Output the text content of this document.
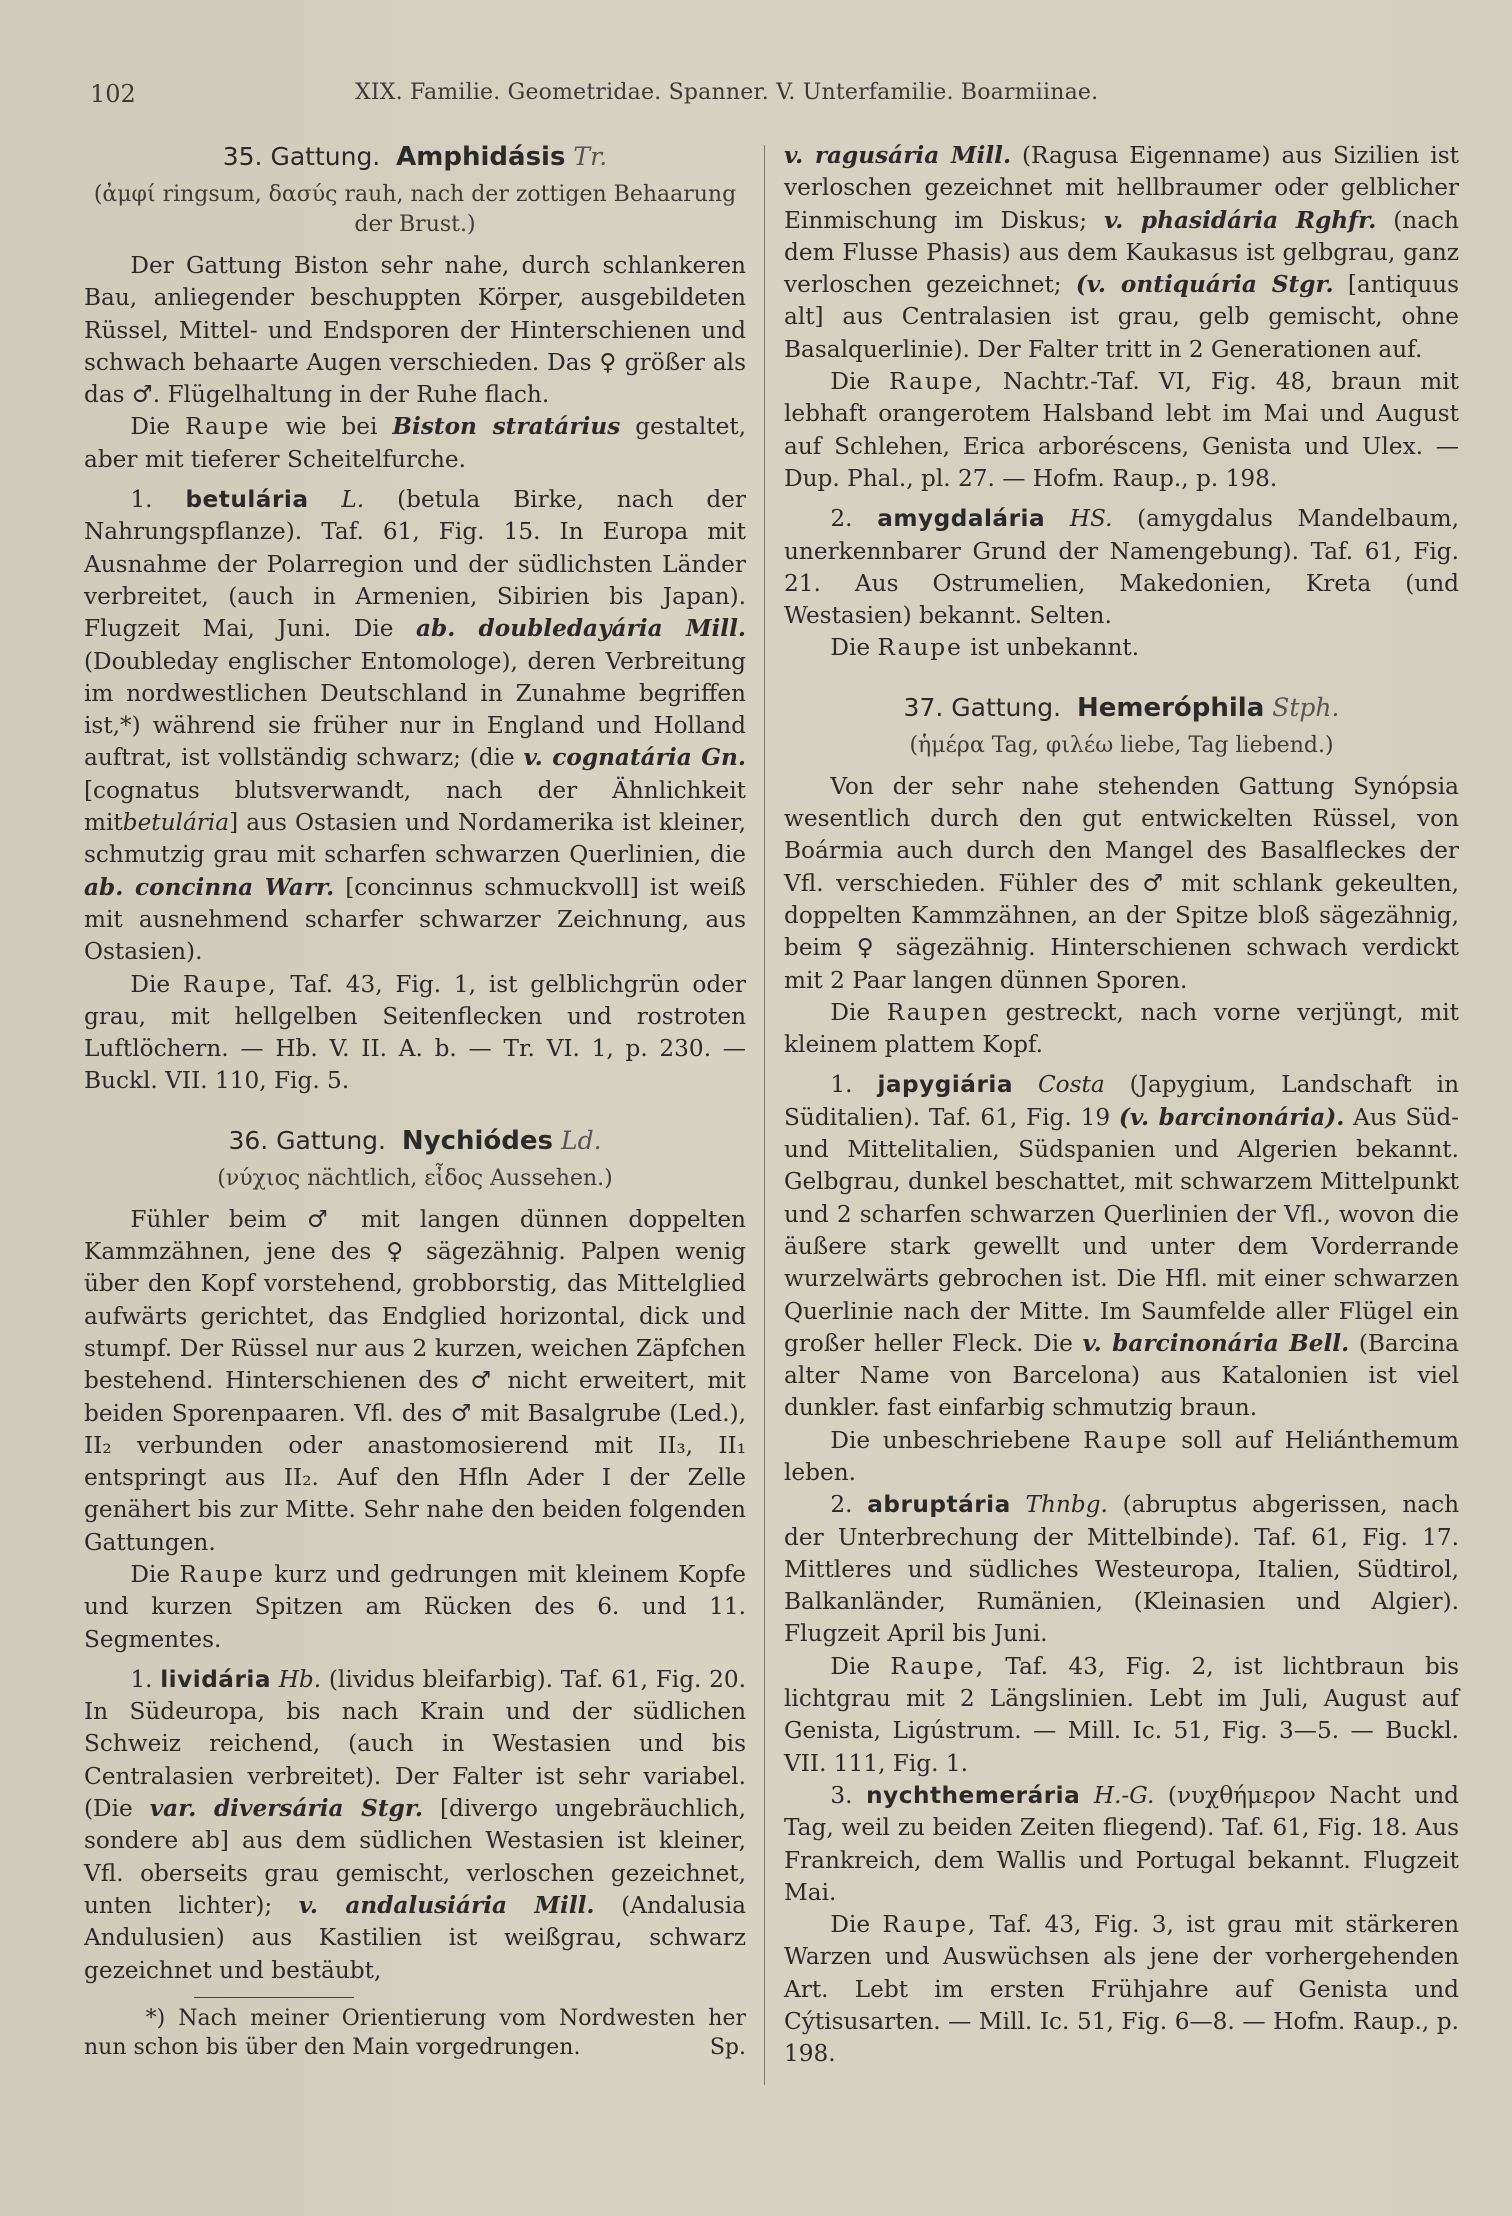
102	XIX. Familie. Geometridae. Spanner. V. Unterfamilie. Boarmiinae.
35. Gattung. Amphidásis Tr.
(ἀμφί ringsum, δασύς rauh, nach der zottigen Behaarung der Brust.)

Der Gattung Biston sehr nahe, durch schlankeren Bau, anliegender beschuppten Körper, ausgebildeten Rüssel, Mittel- und Endsporen der Hinterschienen und schwach behaarte Augen verschieden. Das ♀ größer als das ♂. Flügelhaltung in der Ruhe flach.

Die Raupe wie bei Biston stratárius gestaltet, aber mit tieferer Scheitelfurche.

1. betulária L. (betula Birke, nach der Nahrungspflanze). Taf. 61, Fig. 15. In Europa mit Ausnahme der Polarregion und der südlichsten Länder verbreitet, (auch in Armenien, Sibirien bis Japan). Flugzeit Mai, Juni. Die ab. doubledayária Mill. (Doubleday englischer Entomologe), deren Verbreitung im nordwestlichen Deutschland in Zunahme begriffen ist,*) während sie früher nur in England und Holland auftrat, ist vollständig schwarz; (die v. cognatária Gn. [cognatus blutsverwandt, nach der Ähnlichkeit mitbetulária] aus Ostasien und Nordamerika ist kleiner, schmutzig grau mit scharfen schwarzen Querlinien, die ab. concinna Warr. [concinnus schmuckvoll] ist weiß mit ausnehmend scharfer schwarzer Zeichnung, aus Ostasien).

Die Raupe, Taf. 43, Fig. 1, ist gelblichgrün oder grau, mit hellgelben Seitenflecken und rostroten Luftlöchern. — Hb. V. II. A. b. — Tr. VI. 1, p. 230. — Buckl. VII. 110, Fig. 5.

36. Gattung. Nychiódes Ld.
(νύχιος nächtlich, εἶδος Aussehen.)

Fühler beim ♂ mit langen dünnen doppelten Kammzähnen, jene des ♀ sägezähnig. Palpen wenig über den Kopf vorstehend, grobborstig, das Mittelglied aufwärts gerichtet, das Endglied horizontal, dick und stumpf. Der Rüssel nur aus 2 kurzen, weichen Zäpfchen bestehend. Hinterschienen des ♂ nicht erweitert, mit beiden Sporenpaaren. Vfl. des ♂ mit Basalgrube (Led.), II₂ verbunden oder anastomosierend mit II₃, II₁ entspringt aus II₂. Auf den Hfln Ader I der Zelle genähert bis zur Mitte. Sehr nahe den beiden folgenden Gattungen.

Die Raupe kurz und gedrungen mit kleinem Kopfe und kurzen Spitzen am Rücken des 6. und 11. Segmentes.

1. lividária Hb. (lividus bleifarbig). Taf. 61, Fig. 20. In Südeuropa, bis nach Krain und der südlichen Schweiz reichend, (auch in Westasien und bis Centralasien verbreitet). Der Falter ist sehr variabel. (Die var. diversária Stgr. [divergo ungebräuchlich, sondere ab] aus dem südlichen Westasien ist kleiner, Vfl. oberseits grau gemischt, verloschen gezeichnet, unten lichter); v. andalusiária Mill. (Andalusia Andulusien) aus Kastilien ist weißgrau, schwarz gezeichnet und bestäubt,

*) Nach meiner Orientierung vom Nordwesten her nun schon bis über den Main vorgedrungen.	Sp.

v. ragusária Mill. (Ragusa Eigenname) aus Sizilien ist verloschen gezeichnet mit hellbraumer oder gelblicher Einmischung im Diskus; v. phasidária Rghfr. (nach dem Flusse Phasis) aus dem Kaukasus ist gelbgrau, ganz verloschen gezeichnet; (v. ontiquária Stgr. [antiquus alt] aus Centralasien ist grau, gelb gemischt, ohne Basalquerlinie). Der Falter tritt in 2 Generationen auf.

Die Raupe, Nachtr.-Taf. VI, Fig. 48, braun mit lebhaft orangerotem Halsband lebt im Mai und August auf Schlehen, Erica arboréscens, Genista und Ulex. — Dup. Phal., pl. 27. — Hofm. Raup., p. 198.

2. amygdalária HS. (amygdalus Mandelbaum, unerkennbarer Grund der Namengebung). Taf. 61, Fig. 21. Aus Ostrumelien, Makedonien, Kreta (und Westasien) bekannt. Selten.

Die Raupe ist unbekannt.

37. Gattung. Hemeróphila Stph.
(ἡμέρα Tag, φιλέω liebe, Tag liebend.)

Von der sehr nahe stehenden Gattung Synópsia wesentlich durch den gut entwickelten Rüssel, von Boármia auch durch den Mangel des Basalfleckes der Vfl. verschieden. Fühler des ♂ mit schlank gekeulten, doppelten Kammzähnen, an der Spitze bloß sägezähnig, beim ♀ sägezähnig. Hinterschienen schwach verdickt mit 2 Paar langen dünnen Sporen.

Die Raupen gestreckt, nach vorne verjüngt, mit kleinem plattem Kopf.

1. japygiária Costa (Japygium, Landschaft in Süditalien). Taf. 61, Fig. 19 (v. barcinonária). Aus Süd- und Mittelitalien, Südspanien und Algerien bekannt. Gelbgrau, dunkel beschattet, mit schwarzem Mittelpunkt und 2 scharfen schwarzen Querlinien der Vfl., wovon die äußere stark gewellt und unter dem Vorderrande wurzelwärts gebrochen ist. Die Hfl. mit einer schwarzen Querlinie nach der Mitte. Im Saumfelde aller Flügel ein großer heller Fleck. Die v. barcinonária Bell. (Barcina alter Name von Barcelona) aus Katalonien ist viel dunkler. fast einfarbig schmutzig braun.

Die unbeschriebene Raupe soll auf Heliánthemum leben.

2. abruptária Thnbg. (abruptus abgerissen, nach der Unterbrechung der Mittelbinde). Taf. 61, Fig. 17. Mittleres und südliches Westeuropa, Italien, Südtirol, Balkanländer, Rumänien, (Kleinasien und Algier). Flugzeit April bis Juni.

Die Raupe, Taf. 43, Fig. 2, ist lichtbraun bis lichtgrau mit 2 Längslinien. Lebt im Juli, August auf Genista, Ligústrum. — Mill. Ic. 51, Fig. 3—5. — Buckl. VII. 111, Fig. 1.

3. nychthemerária H.-G. (νυχθήμερον Nacht und Tag, weil zu beiden Zeiten fliegend). Taf. 61, Fig. 18. Aus Frankreich, dem Wallis und Portugal bekannt. Flugzeit Mai.

Die Raupe, Taf. 43, Fig. 3, ist grau mit stärkeren Warzen und Auswüchsen als jene der vorhergehenden Art. Lebt im ersten Frühjahre auf Genista und Cýtisusarten. — Mill. Ic. 51, Fig. 6—8. — Hofm. Raup., p. 198.
